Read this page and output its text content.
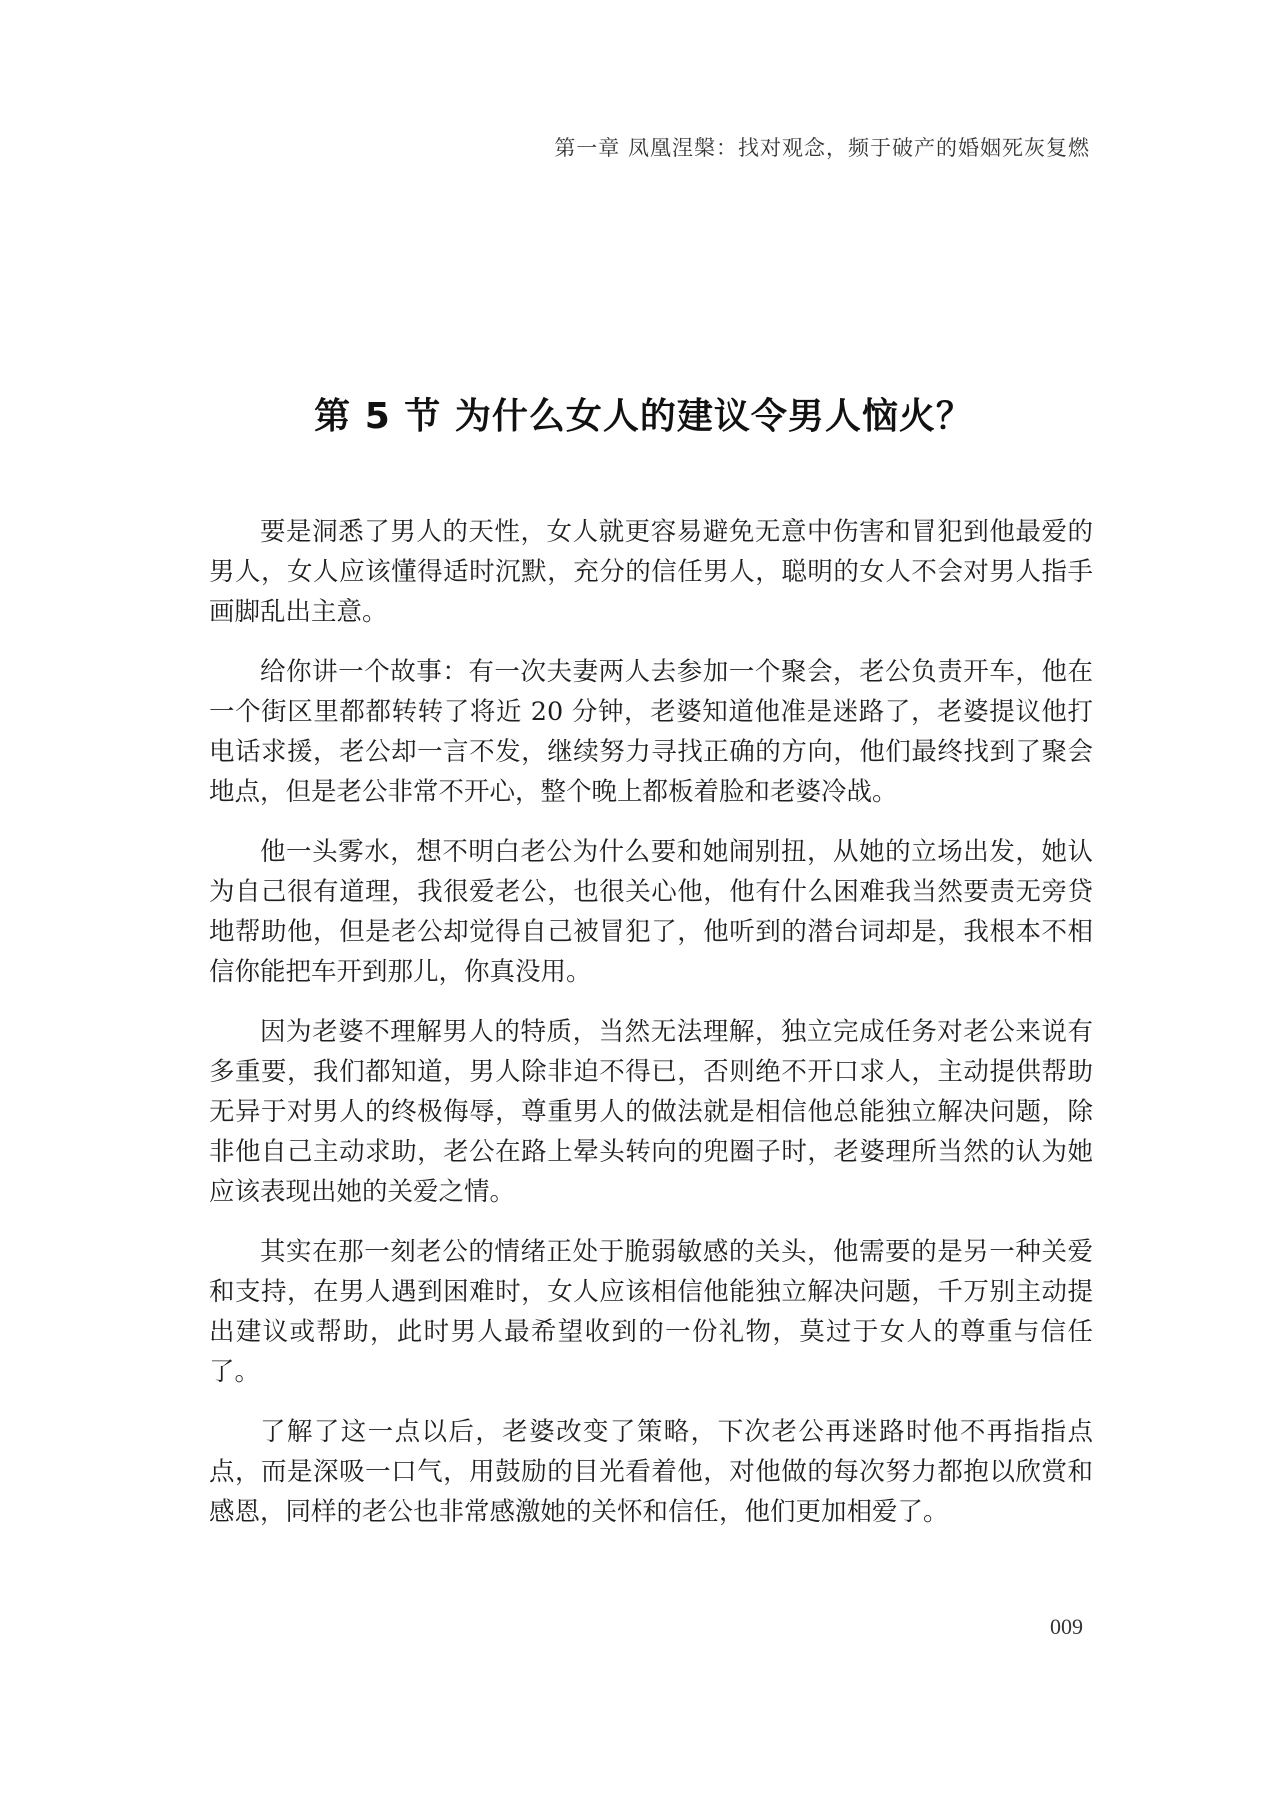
第一章 凤凰涅槃：找对观念，频于破产的婚姻死灰复燃
第 5 节 为什么女人的建议令男人恼火？

要是洞悉了男人的天性，女人就更容易避免无意中伤害和冒犯到他最爱的男人，女人应该懂得适时沉默，充分的信任男人，聪明的女人不会对男人指手画脚乱出主意。

给你讲一个故事：有一次夫妻两人去参加一个聚会，老公负责开车，他在一个街区里都都转转了将近 20 分钟，老婆知道他准是迷路了，老婆提议他打电话求援，老公却一言不发，继续努力寻找正确的方向，他们最终找到了聚会地点，但是老公非常不开心，整个晚上都板着脸和老婆冷战。

他一头雾水，想不明白老公为什么要和她闹别扭，从她的立场出发，她认为自己很有道理，我很爱老公，也很关心他，他有什么困难我当然要责无旁贷地帮助他，但是老公却觉得自己被冒犯了，他听到的潜台词却是，我根本不相信你能把车开到那儿，你真没用。

因为老婆不理解男人的特质，当然无法理解，独立完成任务对老公来说有多重要，我们都知道，男人除非迫不得已，否则绝不开口求人，主动提供帮助无异于对男人的终极侮辱，尊重男人的做法就是相信他总能独立解决问题，除非他自己主动求助，老公在路上晕头转向的兜圈子时，老婆理所当然的认为她应该表现出她的关爱之情。

其实在那一刻老公的情绪正处于脆弱敏感的关头，他需要的是另一种关爱和支持，在男人遇到困难时，女人应该相信他能独立解决问题，千万别主动提出建议或帮助，此时男人最希望收到的一份礼物，莫过于女人的尊重与信任了。

了解了这一点以后，老婆改变了策略，下次老公再迷路时他不再指指点点，而是深吸一口气，用鼓励的目光看着他，对他做的每次努力都抱以欣赏和感恩，同样的老公也非常感激她的关怀和信任，他们更加相爱了。

009
